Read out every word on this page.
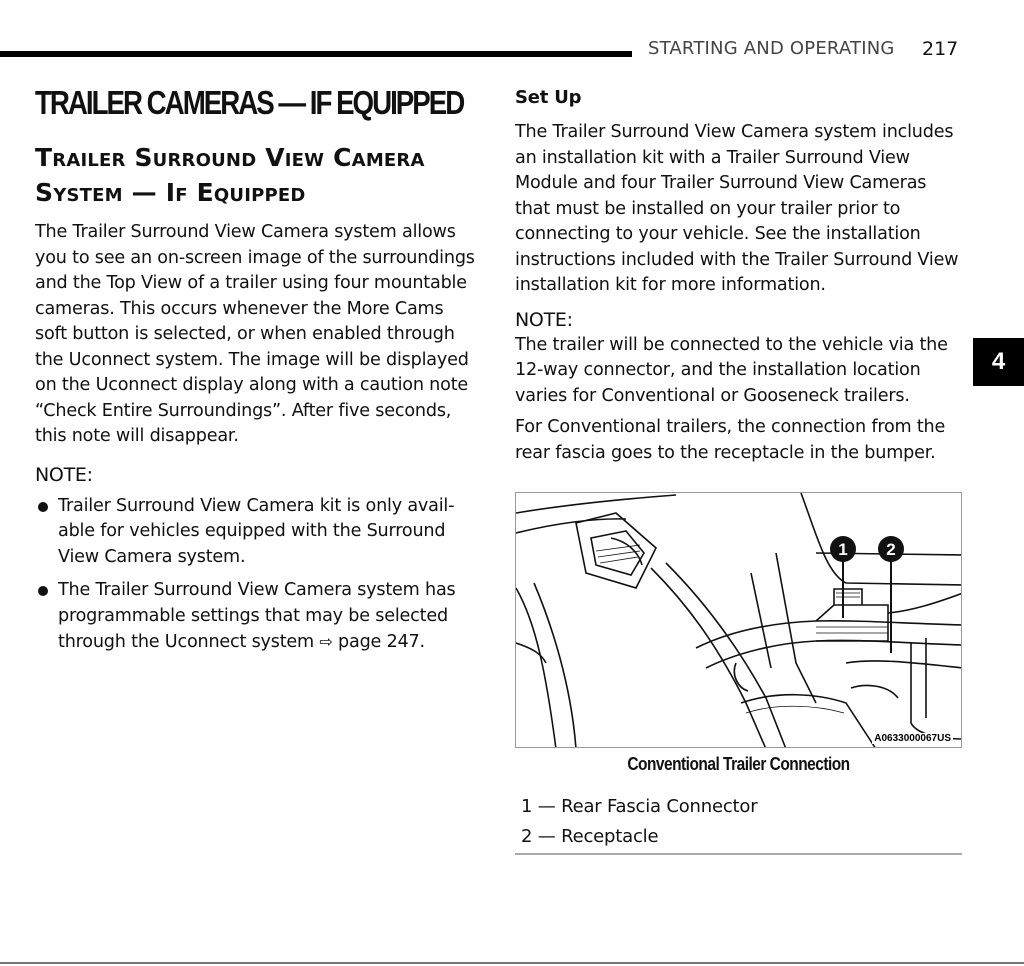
STARTING AND OPERATING 217
4
TRAILER CAMERAS — IF EQUIPPED
Trailer Surround View Camera
System — If Equipped

The Trailer Surround View Camera system allows you to see an on-screen image of the surroundings and the Top View of a trailer using four mountable cameras. This occurs whenever the More Cams soft button is selected, or when enabled through the Uconnect system. The image will be displayed on the Uconnect display along with a caution note “Check Entire Surroundings”. After five seconds, this note will disappear.

NOTE:
Trailer Surround View Camera kit is only avail-able for vehicles equipped with the Surround View Camera system.
The Trailer Surround View Camera system has programmable settings that may be selected through the Uconnect system ⇨ page 247.
Set Up

The Trailer Surround View Camera system includes an installation kit with a Trailer Surround View Module and four Trailer Surround View Cameras that must be installed on your trailer prior to connecting to your vehicle. See the installation instructions included with the Trailer Surround View installation kit for more information.

NOTE:

The trailer will be connected to the vehicle via the 12-way connector, and the installation location varies for Conventional or Gooseneck trailers.

For Conventional trailers, the connection from the rear fascia goes to the receptacle in the bumper.

1 2
A0633000067US
Conventional Trailer Connection
1 — Rear Fascia Connector
2 — Receptacle
